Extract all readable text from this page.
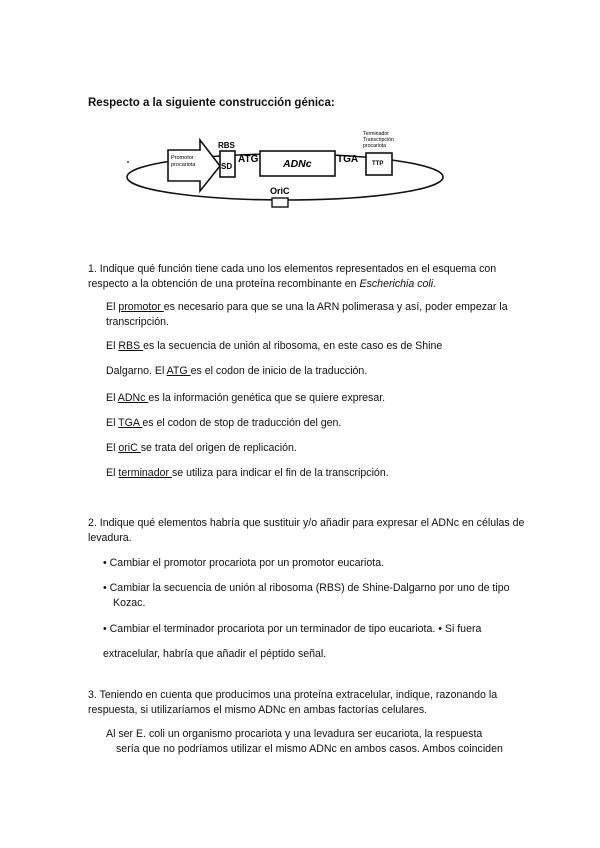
Respecto a la siguiente construcción génica:
Promotor
procariota
RBS
SD
ATG ADNc	TGA
Terminador
Transcripción
procariota
TTP
OriC
1. Indique qué función tiene cada uno los elementos representados en el esquema con respecto a la obtención de una proteína recombinante en Escherichia coli.
El promotor es necesario para que se una la ARN polimerasa y así, poder empezar la transcripción.
El RBS es la secuencia de unión al ribosoma, en este caso es de Shine
Dalgarno. El ATG es el codon de inicio de la traducción.
El ADNc es la información genética que se quiere expresar.
El TGA es el codon de stop de traducción del gen.
El oriC se trata del origen de replicación.
El terminador se utiliza para indicar el fin de la transcripción.
2. Indique qué elementos habría que sustituir y/o añadir para expresar el ADNc en células de levadura.
• Cambiar el promotor procariota por un promotor eucariota.
• Cambiar la secuencia de unión al ribosoma (RBS) de Shine-Dalgarno por uno de tipo Kozac.
• Cambiar el terminador procariota por un terminador de tipo eucariota. • Si fuera
extracelular, habría que añadir el péptido señal.
3. Teniendo en cuenta que producimos una proteína extracelular, indique, razonando la respuesta, si utilizaríamos el mismo ADNc en ambas factorías celulares.
Al ser E. coli un organismo procariota y una levadura ser eucariota, la respuesta
sería que no podríamos utilizar el mismo ADNc en ambos casos. Ambos coinciden
